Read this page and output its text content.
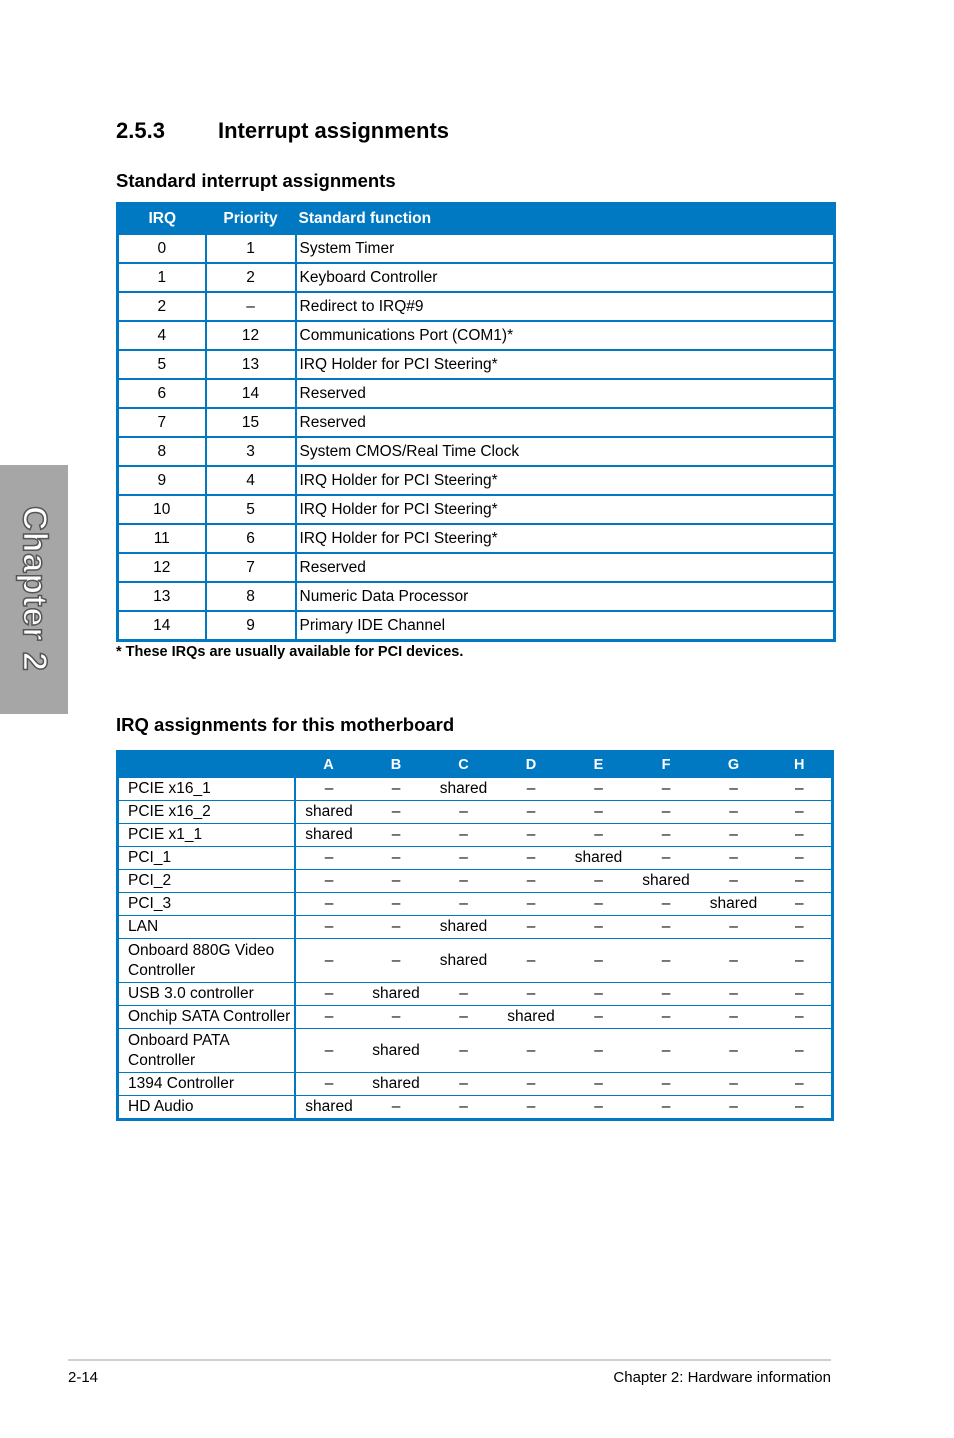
Chapter 2
2.5.3 Interrupt assignments
Standard interrupt assignments
IRQ	Priority	Standard function
0	1	System Timer
1	2	Keyboard Controller
2	–	Redirect to IRQ#9
4	12	Communications Port (COM1)*
5	13	IRQ Holder for PCI Steering*
6	14	Reserved
7	15	Reserved
8	3	System CMOS/Real Time Clock
9	4	IRQ Holder for PCI Steering*
10	5	IRQ Holder for PCI Steering*
11	6	IRQ Holder for PCI Steering*
12	7	Reserved
13	8	Numeric Data Processor
14	9	Primary IDE Channel
* These IRQs are usually available for PCI devices.
IRQ assignments for this motherboard
	A	B	C	D	E	F	G	H
PCIE x16_1	–	–	shared	–	–	–	–	–
PCIE x16_2	shared	–	–	–	–	–	–	–
PCIE x1_1	shared	–	–	–	–	–	–	–
PCI_1	–	–	–	–	shared	–	–	–
PCI_2	–	–	–	–	–	shared	–	–
PCI_3	–	–	–	–	–	–	shared	–
LAN	–	–	shared	–	–	–	–	–
Onboard 880G Video Controller	–	–	shared	–	–	–	–	–
USB 3.0 controller	–	shared	–	–	–	–	–	–
Onchip SATA Controller	–	–	–	shared	–	–	–	–
Onboard PATA Controller	–	shared	–	–	–	–	–	–
1394 Controller	–	shared	–	–	–	–	–	–
HD Audio	shared	–	–	–	–	–	–	–
2-14	Chapter 2: Hardware information
